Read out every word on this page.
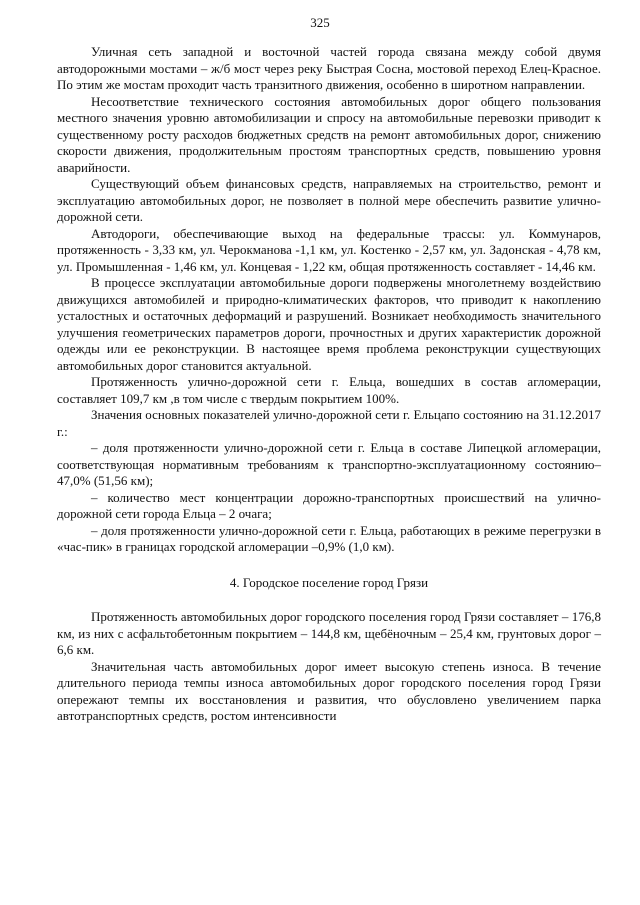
325

Уличная сеть западной и восточной частей города связана между собой двумя автодорожными мостами – ж/б мост через реку Быстрая Сосна, мостовой переход Елец-Красное. По этим же мостам проходит часть транзитного движения, особенно в широтном направлении.

Несоответствие технического состояния автомобильных дорог общего пользования местного значения уровню автомобилизации и спросу на автомобильные перевозки приводит к существенному росту расходов бюджетных средств на ремонт автомобильных дорог, снижению скорости движения, продолжительным простоям транспортных средств, повышению уровня аварийности.

Существующий объем финансовых средств, направляемых на строительство, ремонт и эксплуатацию автомобильных дорог, не позволяет в полной мере обеспечить развитие улично-дорожной сети.

Автодороги, обеспечивающие выход на федеральные трассы: ул. Коммунаров, протяженность - 3,33 км, ул. Черокманова -1,1 км, ул. Костенко - 2,57 км, ул. Задонская - 4,78 км, ул. Промышленная - 1,46 км, ул. Концевая - 1,22 км, общая протяженность составляет - 14,46 км.

В процессе эксплуатации автомобильные дороги подвержены многолетнему воздействию движущихся автомобилей и природно-климатических факторов, что приводит к накоплению усталостных и остаточных деформаций и разрушений. Возникает необходимость значительного улучшения геометрических параметров дороги, прочностных и других характеристик дорожной одежды или ее реконструкции. В настоящее время проблема реконструкции существующих автомобильных дорог становится актуальной.

Протяженность улично-дорожной сети г. Ельца, вошедших в состав агломерации, составляет 109,7 км ,в том числе с твердым покрытием 100%.

Значения основных показателей улично-дорожной сети г. Ельцапо состоянию на 31.12.2017 г.:

– доля протяженности улично-дорожной сети г. Ельца в составе Липецкой агломерации, соответствующая нормативным требованиям к транспортно-эксплуатационному состоянию– 47,0% (51,56 км);

– количество мест концентрации дорожно-транспортных происшествий на улично-дорожной сети города Ельца – 2 очага;

– доля протяженности улично-дорожной сети г. Ельца, работающих в режиме перегрузки в «час-пик» в границах городской агломерации –0,9% (1,0 км).

4. Городское поселение город Грязи

Протяженность автомобильных дорог городского поселения город Грязи составляет – 176,8 км, из них с асфальтобетонным покрытием – 144,8 км, щебёночным – 25,4 км, грунтовых дорог – 6,6 км.

Значительная часть автомобильных дорог имеет высокую степень износа. В течение длительного периода темпы износа автомобильных дорог городского поселения город Грязи опережают темпы их восстановления и развития, что обусловлено увеличением парка автотранспортных средств, ростом интенсивности
